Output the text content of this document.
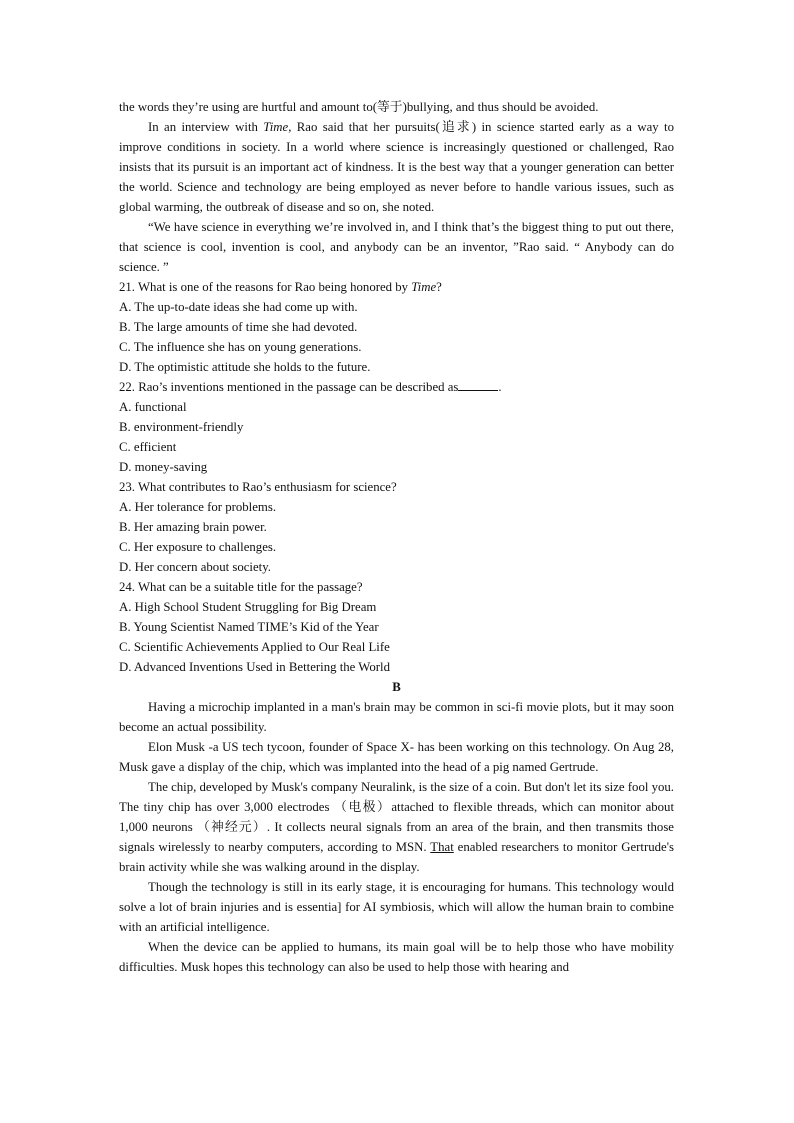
the words they’re using are hurtful and amount to(等于)bullying, and thus should be avoided.

In an interview with Time, Rao said that her pursuits(追求) in science started early as a way to improve conditions in society. In a world where science is increasingly questioned or challenged, Rao insists that its pursuit is an important act of kindness. It is the best way that a younger generation can better the world. Science and technology are being employed as never before to handle various issues, such as global warming, the outbreak of disease and so on, she noted.

“We have science in everything we’re involved in, and I think that’s the biggest thing to put out there, that science is cool, invention is cool, and anybody can be an inventor, ”Rao said. “ Anybody can do science. ”

21. What is one of the reasons for Rao being honored by Time?

A. The up-to-date ideas she had come up with.

B. The large amounts of time she had devoted.

C. The influence she has on young generations.

D. The optimistic attitude she holds to the future.

22. Rao’s inventions mentioned in the passage can be described as	.

A. functional

B. environment-friendly

C. efficient

D. money-saving

23. What contributes to Rao’s enthusiasm for science?

A. Her tolerance for problems.

B. Her amazing brain power.

C. Her exposure to challenges.

D. Her concern about society.

24. What can be a suitable title for the passage?

A. High School Student Struggling for Big Dream

B. Young Scientist Named TIME’s Kid of the Year

C. Scientific Achievements Applied to Our Real Life

D. Advanced Inventions Used in Bettering the World

B

Having a microchip implanted in a man's brain may be common in sci-fi movie plots, but it may soon become an actual possibility.

Elon Musk -a US tech tycoon, founder of Space X- has been working on this technology. On Aug 28, Musk gave a display of the chip, which was implanted into the head of a pig named Gertrude.

The chip, developed by Musk's company Neuralink, is the size of a coin. But don't let its size fool you. The tiny chip has over 3,000 electrodes （电极）attached to flexible threads, which can monitor about 1,000 neurons （神经元）. It collects neural signals from an area of the brain, and then transmits those signals wirelessly to nearby computers, according to MSN. That enabled researchers to monitor Gertrude's brain activity while she was walking around in the display.

Though the technology is still in its early stage, it is encouraging for humans. This technology would solve a lot of brain injuries and is essentia] for AI symbiosis, which will allow the human brain to combine with an artificial intelligence.

When the device can be applied to humans, its main goal will be to help those who have mobility difficulties. Musk hopes this technology can also be used to help those with hearing and
